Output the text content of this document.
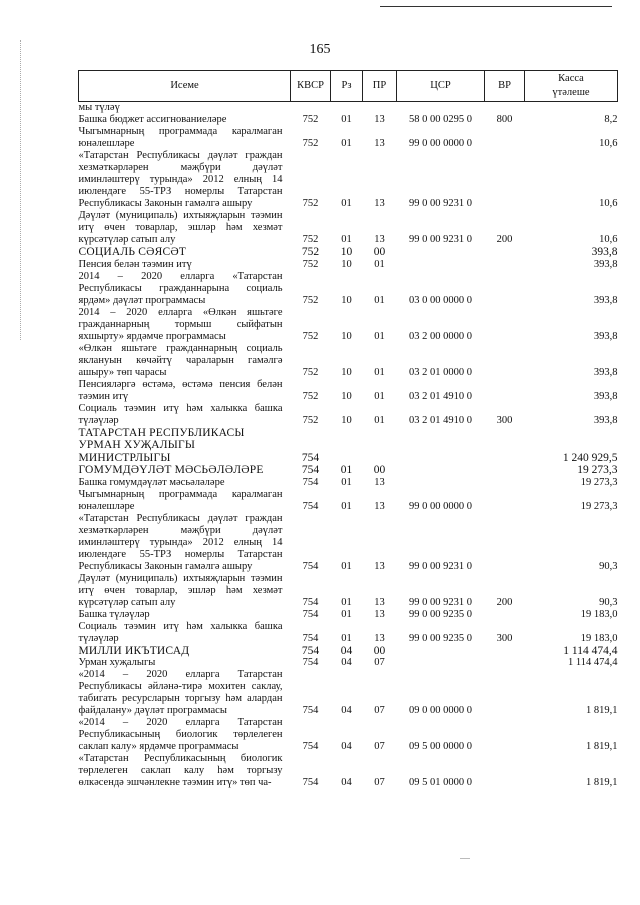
165
Исеме	КВСР	Рз	ПР	ЦСР	ВР	Касса
үтәлеше
мы түләү						
Башка бюджет ассигнованиеләре	752	01	13	58 0 00 0295 0	800	8,2
Чыгымнарның программада каралмаган юнәлешләре	752	01	13	99 0 00 0000 0		10,6
«Татарстан Республикасы дәүләт граждан хезмәткәрләрен мәҗбүри дәүләт иминләштерү турында» 2012 елның 14 июлендәге 55-ТРЗ номерлы Татарстан Республикасы Законын гамәлгә ашыру	752	01	13	99 0 00 9231 0		10,6
Дәүләт (муниципаль) ихтыяҗларын тәэмин итү өчен товарлар, эшләр һәм хезмәт күрсәтүләр сатып алу	752	01	13	99 0 00 9231 0	200	10,6
СОЦИАЛЬ СӘЯСӘТ	752	10	00			393,8
Пенсия белән тәэмин итү	752	10	01			393,8
2014 – 2020 елларга «Татарстан Республикасы гражданнарына социаль ярдәм» дәүләт программасы	752	10	01	03 0 00 0000 0		393,8
2014 – 2020 елларга «Өлкән яшьтәге гражданнарның тормыш сыйфатын яхшырту» ярдәмче программасы	752	10	01	03 2 00 0000 0		393,8
«Өлкән яшьтәге гражданнарның социаль яклануын көчәйтү чараларын гамәлгә ашыру» төп чарасы	752	10	01	03 2 01 0000 0		393,8
Пенсияләргә өстәмә, өстәмә пенсия белән тәэмин итү	752	10	01	03 2 01 4910 0		393,8
Социаль тәэмин итү һәм халыкка башка түләүләр	752	10	01	03 2 01 4910 0	300	393,8
ТАТАРСТАН РЕСПУБЛИКАСЫ УРМАН ХУҖАЛЫГЫ МИНИСТРЛЫГЫ	754					1 240 929,5
ГОМУМДӘҮЛӘТ МӘСЬӘЛӘЛӘРЕ	754	01	00			19 273,3
Башка гомумдәүләт мәсьәләләре	754	01	13			19 273,3
Чыгымнарның программада каралмаган юнәлешләре	754	01	13	99 0 00 0000 0		19 273,3
«Татарстан Республикасы дәүләт граждан хезмәткәрләрен мәҗбүри дәүләт иминләштерү турында» 2012 елның 14 июлендәге 55-ТРЗ номерлы Татарстан Республикасы Законын гамәлгә ашыру	754	01	13	99 0 00 9231 0		90,3
Дәүләт (муниципаль) ихтыяҗларын тәэмин итү өчен товарлар, эшләр һәм хезмәт күрсәтүләр сатып алу	754	01	13	99 0 00 9231 0	200	90,3
Башка түләүләр	754	01	13	99 0 00 9235 0		19 183,0
Социаль тәэмин итү һәм халыкка башка түләүләр	754	01	13	99 0 00 9235 0	300	19 183,0
МИЛЛИ ИКЪТИСАД	754	04	00			1 114 474,4
Урман хуҗалыгы	754	04	07			1 114 474,4
«2014 – 2020 елларга Татарстан Республикасы әйләнә-тирә мохитен саклау, табигать ресурсларын торгызу һәм алардан файдалану» дәүләт программасы	754	04	07	09 0 00 0000 0		1 819,1
«2014 – 2020 елларга Татарстан Республикасының биологик төрлелеген саклап калу» ярдәмче программасы	754	04	07	09 5 00 0000 0		1 819,1
«Татарстан Республикасының биологик төрлелеген саклап калу һәм торгызу өлкәсендә эшчәнлекне тәэмин итү» төп ча-	754	04	07	09 5 01 0000 0		1 819,1
